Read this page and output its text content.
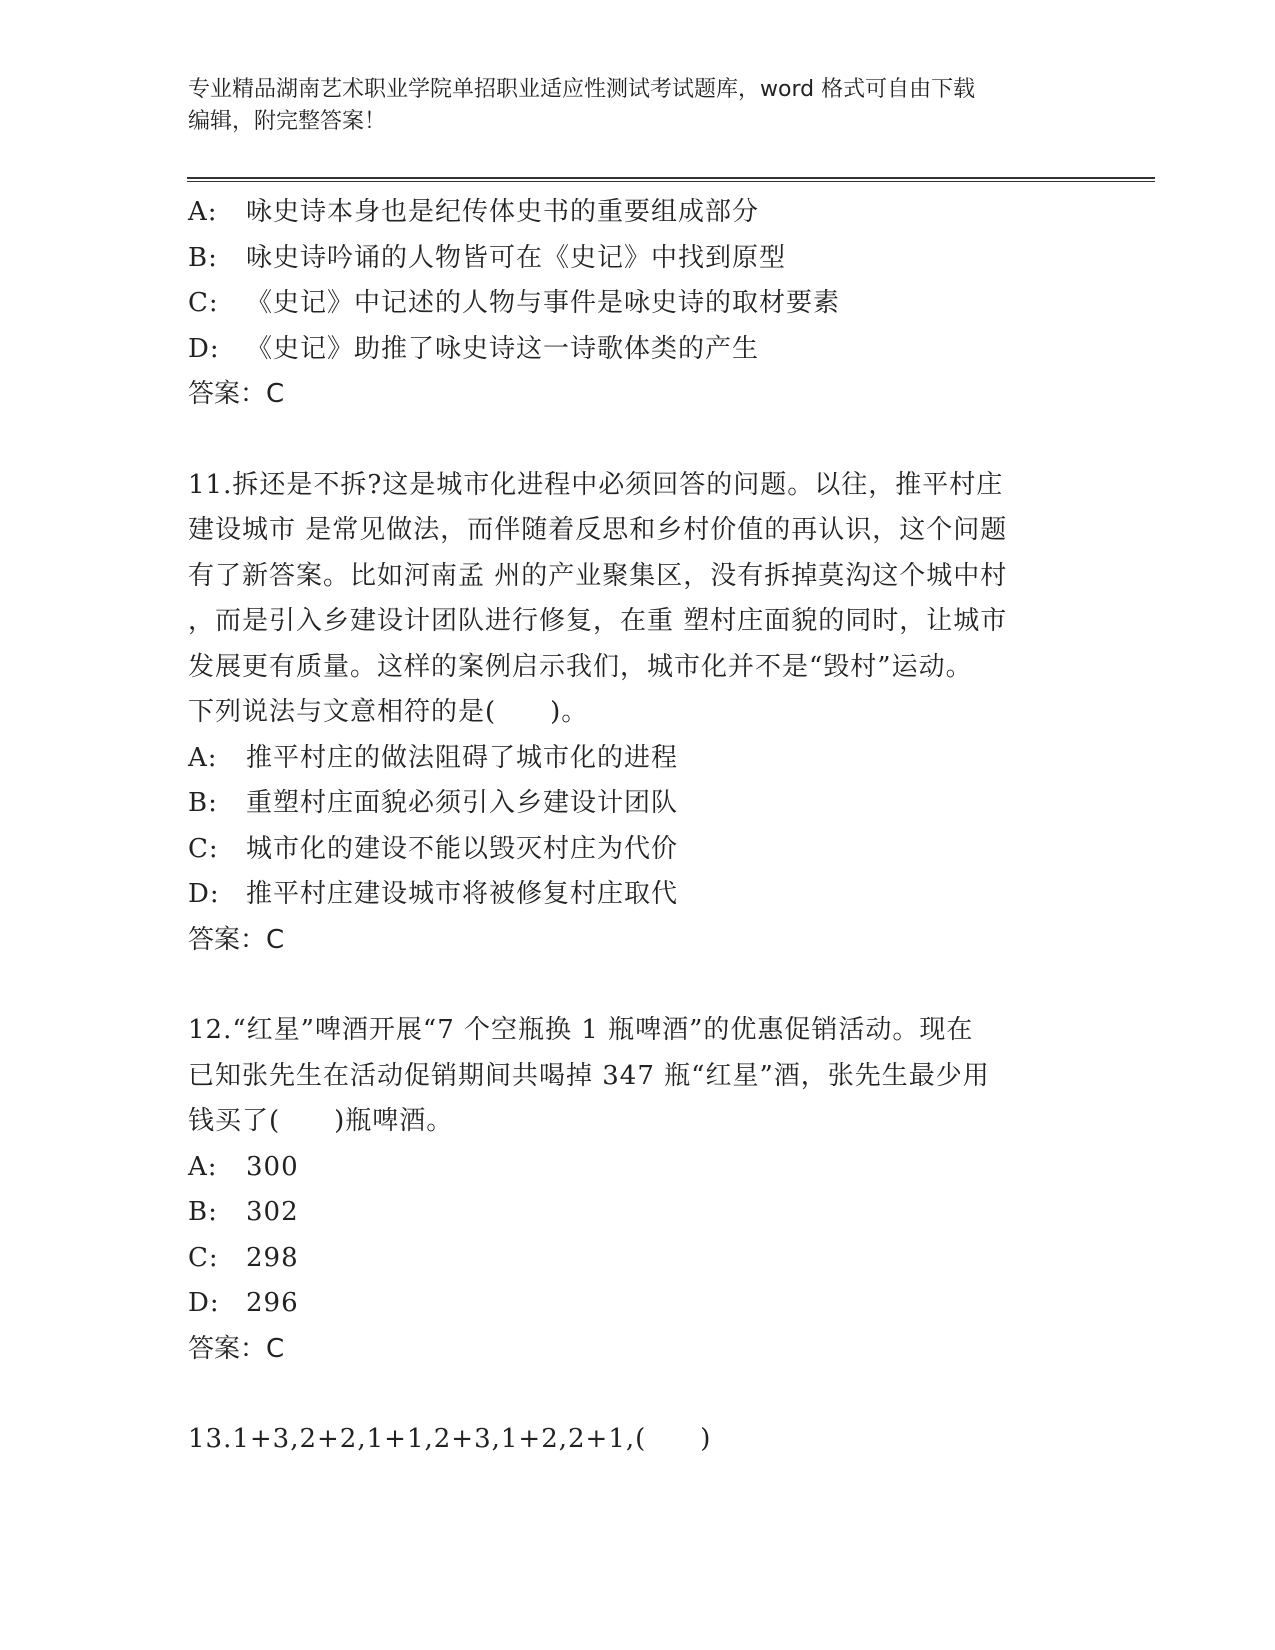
专业精品湖南艺术职业学院单招职业适应性测试考试题库，word 格式可自由下载
编辑，附完整答案！
A:	咏史诗本身也是纪传体史书的重要组成部分
B:	咏史诗吟诵的人物皆可在《史记》中找到原型
C:	《史记》中记述的人物与事件是咏史诗的取材要素
D:	《史记》助推了咏史诗这一诗歌体类的产生
答案：C
11.拆还是不拆?这是城市化进程中必须回答的问题。以往，推平村庄
建设城市 是常见做法，而伴随着反思和乡村价值的再认识，这个问题
有了新答案。比如河南孟 州的产业聚集区，没有拆掉莫沟这个城中村
，而是引入乡建设计团队进行修复，在重 塑村庄面貌的同时，让城市
发展更有质量。这样的案例启示我们，城市化并不是“毁村”运动。
下列说法与文意相符的是(　　)。
A:	推平村庄的做法阻碍了城市化的进程
B:	重塑村庄面貌必须引入乡建设计团队
C:	城市化的建设不能以毁灭村庄为代价
D:	推平村庄建设城市将被修复村庄取代
答案：C
12.“红星”啤酒开展“7 个空瓶换 1 瓶啤酒”的优惠促销活动。现在
已知张先生在活动促销期间共喝掉 347 瓶“红星”酒，张先生最少用
钱买了(　　)瓶啤酒。
A:	300
B:	302
C:	298
D:	296
答案：C
13.1+3,2+2,1+1,2+3,1+2,2+1,(　　)
